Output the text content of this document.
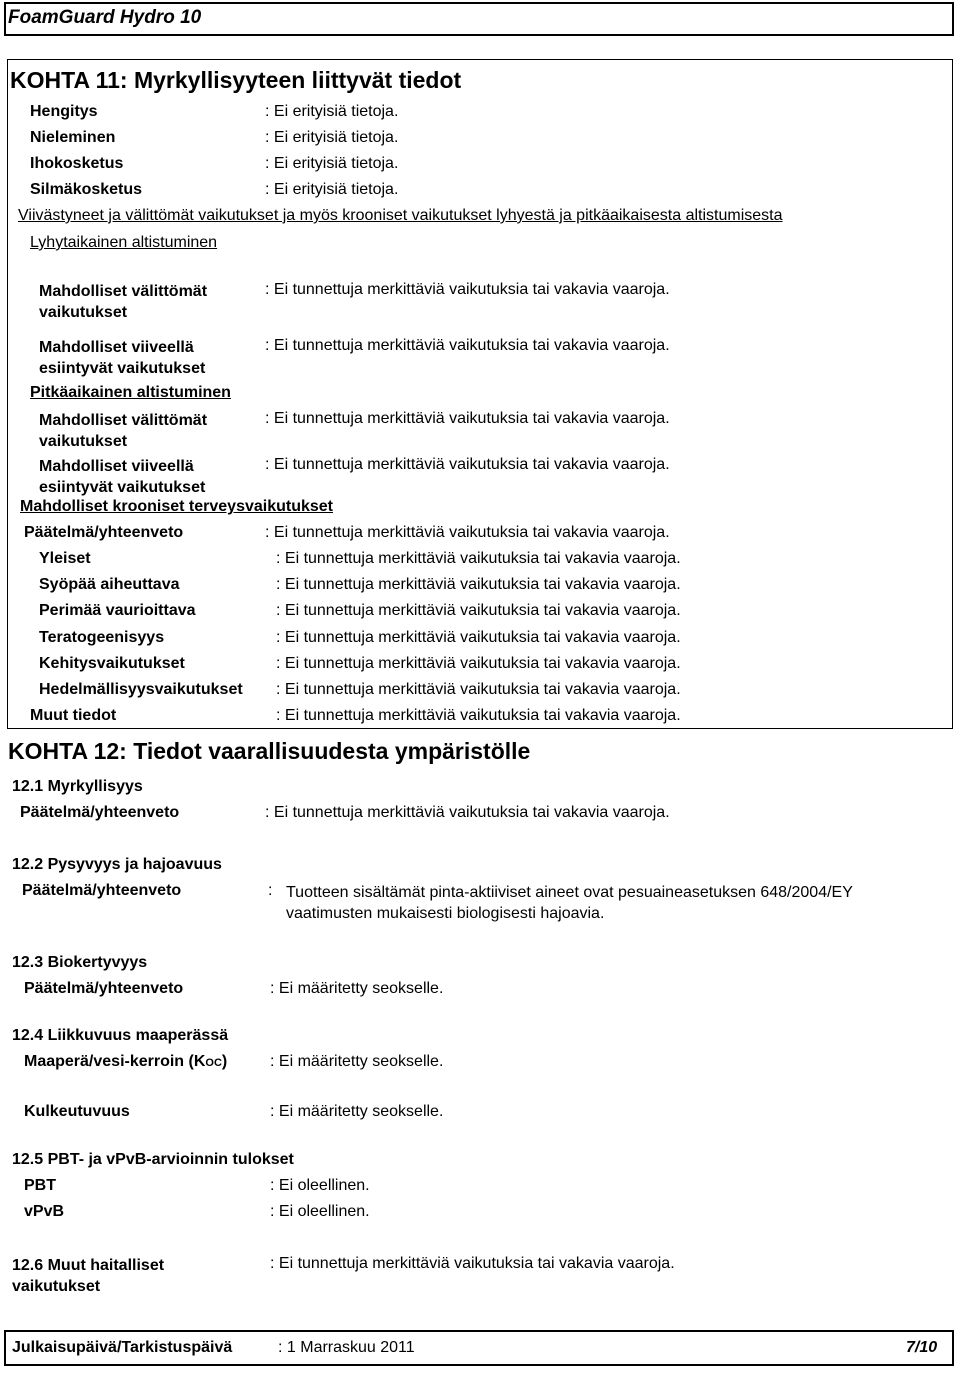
FoamGuard Hydro 10
KOHTA 11: Myrkyllisyyteen liittyvät tiedot
Hengitys	: Ei erityisiä tietoja.
Nieleminen	: Ei erityisiä tietoja.
Ihokosketus	: Ei erityisiä tietoja.
Silmäkosketus	: Ei erityisiä tietoja.
Viivästyneet ja välittömät vaikutukset ja myös krooniset vaikutukset lyhyestä ja pitkäaikaisesta altistumisesta
Lyhytaikainen altistuminen
Mahdolliset välittömät vaikutukset
: Ei tunnettuja merkittäviä vaikutuksia tai vakavia vaaroja.
Mahdolliset viiveellä esiintyvät vaikutukset
: Ei tunnettuja merkittäviä vaikutuksia tai vakavia vaaroja.
Pitkäaikainen altistuminen
Mahdolliset välittömät vaikutukset
: Ei tunnettuja merkittäviä vaikutuksia tai vakavia vaaroja.
Mahdolliset viiveellä esiintyvät vaikutukset
: Ei tunnettuja merkittäviä vaikutuksia tai vakavia vaaroja.
Mahdolliset krooniset terveysvaikutukset
Päätelmä/yhteenveto	: Ei tunnettuja merkittäviä vaikutuksia tai vakavia vaaroja.
Yleiset	: Ei tunnettuja merkittäviä vaikutuksia tai vakavia vaaroja.
Syöpää aiheuttava	: Ei tunnettuja merkittäviä vaikutuksia tai vakavia vaaroja.
Perimää vaurioittava	: Ei tunnettuja merkittäviä vaikutuksia tai vakavia vaaroja.
Teratogeenisyys	: Ei tunnettuja merkittäviä vaikutuksia tai vakavia vaaroja.
Kehitysvaikutukset	: Ei tunnettuja merkittäviä vaikutuksia tai vakavia vaaroja.
Hedelmällisyysvaikutukset : Ei tunnettuja merkittäviä vaikutuksia tai vakavia vaaroja.
Muut tiedot	: Ei tunnettuja merkittäviä vaikutuksia tai vakavia vaaroja.
KOHTA 12: Tiedot vaarallisuudesta ympäristölle
12.1 Myrkyllisyys
Päätelmä/yhteenveto	: Ei tunnettuja merkittäviä vaikutuksia tai vakavia vaaroja.
12.2 Pysyvyys ja hajoavuus
Päätelmä/yhteenveto	: Tuotteen sisältämät pinta-aktiiviset aineet ovat pesuaineasetuksen 648/2004/EY vaatimusten mukaisesti biologisesti hajoavia.
12.3 Biokertyvyys
Päätelmä/yhteenveto	: Ei määritetty seokselle.
12.4 Liikkuvuus maaperässä
Maaperä/vesi-kerroin (KOC)	: Ei määritetty seokselle.
Kulkeutuvuus	: Ei määritetty seokselle.
12.5 PBT- ja vPvB-arvioinnin tulokset
PBT	: Ei oleellinen.
vPvB	: Ei oleellinen.
12.6 Muut haitalliset vaikutukset
: Ei tunnettuja merkittäviä vaikutuksia tai vakavia vaaroja.
Julkaisupäivä/Tarkistuspäivä	: 1 Marraskuu 2011	7/10
